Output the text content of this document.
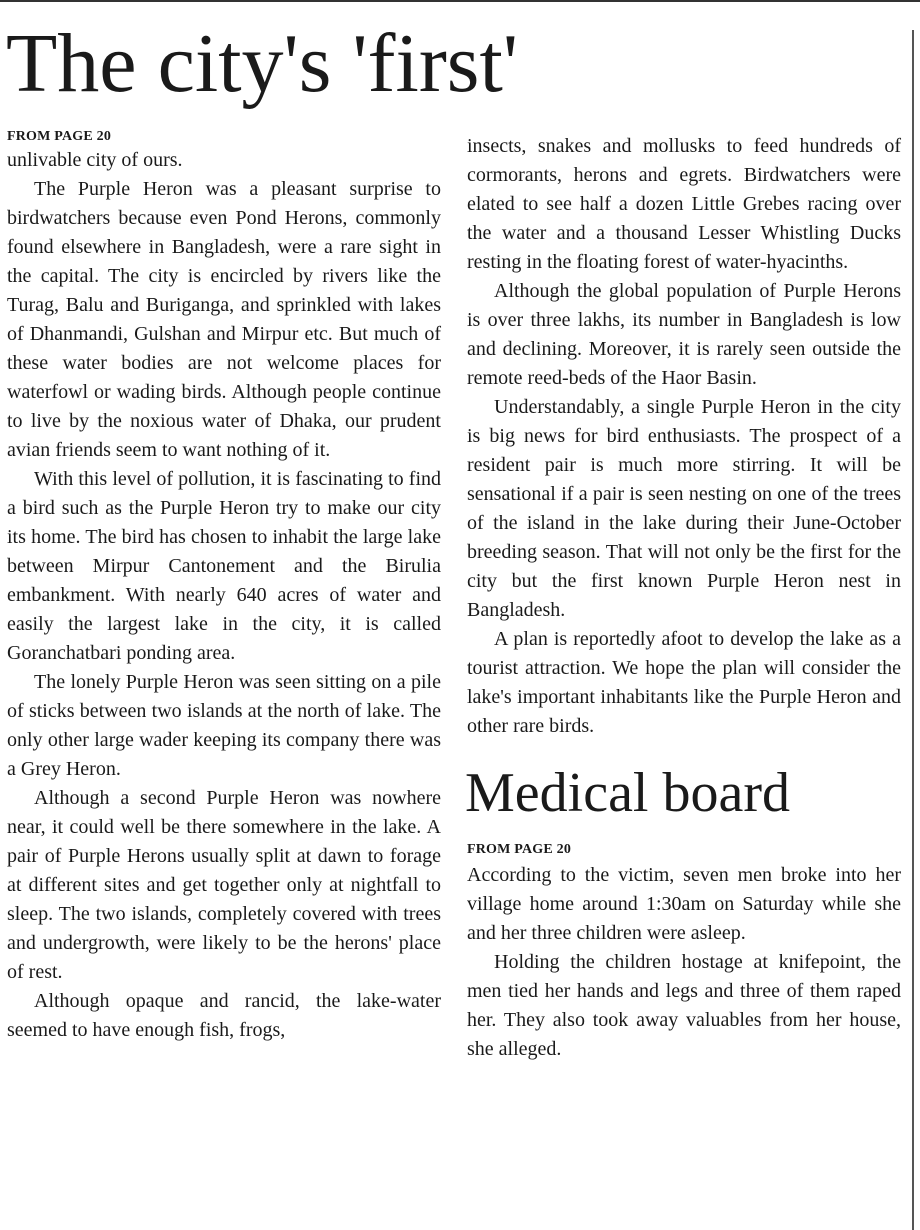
The city's 'first'

FROM PAGE 20

unlivable city of ours.

The Purple Heron was a pleasant surprise to birdwatchers because even Pond Herons, commonly found elsewhere in Bangladesh, were a rare sight in the capital. The city is encircled by rivers like the Turag, Balu and Buriganga, and sprinkled with lakes of Dhanmandi, Gulshan and Mirpur etc. But much of these water bodies are not welcome places for waterfowl or wading birds. Although people continue to live by the noxious water of Dhaka, our prudent avian friends seem to want nothing of it.

With this level of pollution, it is fascinating to find a bird such as the Purple Heron try to make our city its home. The bird has chosen to inhabit the large lake between Mirpur Cantonement and the Birulia embankment. With nearly 640 acres of water and easily the largest lake in the city, it is called Goranchatbari ponding area.

The lonely Purple Heron was seen sitting on a pile of sticks between two islands at the north of lake. The only other large wader keeping its company there was a Grey Heron.

Although a second Purple Heron was nowhere near, it could well be there somewhere in the lake. A pair of Purple Herons usually split at dawn to forage at different sites and get together only at nightfall to sleep. The two islands, completely covered with trees and undergrowth, were likely to be the herons' place of rest.

Although opaque and rancid, the lake-water seemed to have enough fish, frogs,

insects, snakes and mollusks to feed hundreds of cormorants, herons and egrets. Birdwatchers were elated to see half a dozen Little Grebes racing over the water and a thousand Lesser Whistling Ducks resting in the floating forest of water-hyacinths.

Although the global population of Purple Herons is over three lakhs, its number in Bangladesh is low and declining. Moreover, it is rarely seen outside the remote reed-beds of the Haor Basin.

Understandably, a single Purple Heron in the city is big news for bird enthusiasts. The prospect of a resident pair is much more stirring. It will be sensational if a pair is seen nesting on one of the trees of the island in the lake during their June-October breeding season. That will not only be the first for the city but the first known Purple Heron nest in Bangladesh.

A plan is reportedly afoot to develop the lake as a tourist attraction. We hope the plan will consider the lake's important inhabitants like the Purple Heron and other rare birds.

Medical board

FROM PAGE 20

According to the victim, seven men broke into her village home around 1:30am on Saturday while she and her three children were asleep.

Holding the children hostage at knifepoint, the men tied her hands and legs and three of them raped her. They also took away valuables from her house, she alleged.
